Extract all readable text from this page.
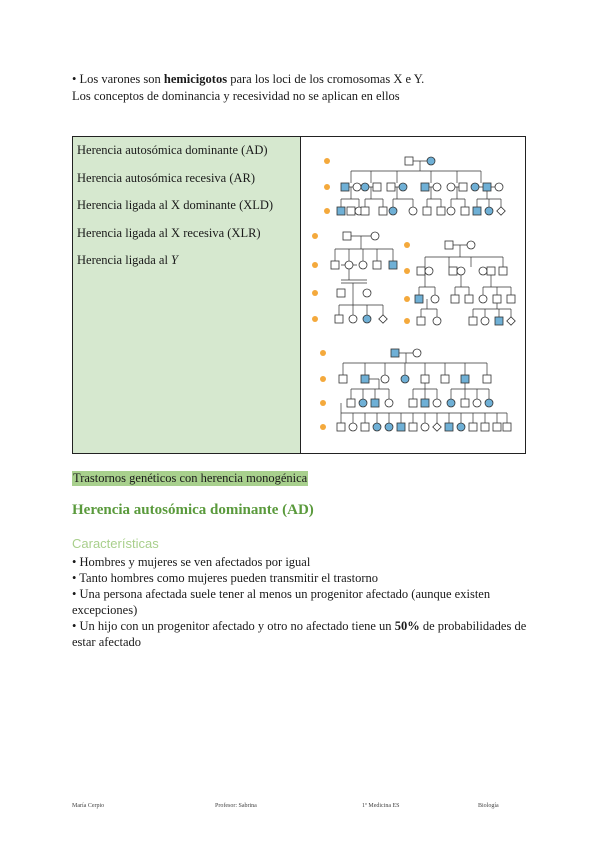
• Los varones son hemicigotos para los loci de los cromosomas X e Y.
Los conceptos de dominancia y recesividad no se aplican en ellos
Herencia autosómica dominante (AD)
Herencia autosómica recesiva (AR)
Herencia ligada al X dominante (XLD)
Herencia ligada al X recesiva (XLR)
Herencia ligada al Y
Trastornos genéticos con herencia monogénica
Herencia autosómica dominante (AD)
Características
• Hombres y mujeres se ven afectados por igual
• Tanto hombres como mujeres pueden transmitir el trastorno
• Una persona afectada suele tener al menos un progenitor afectado (aunque existen excepciones)
• Un hijo con un progenitor afectado y otro no afectado tiene un 50% de probabilidades de estar afectado
María Cerpio	Profesor: Sabrina	1º Medicina ES	Biología
